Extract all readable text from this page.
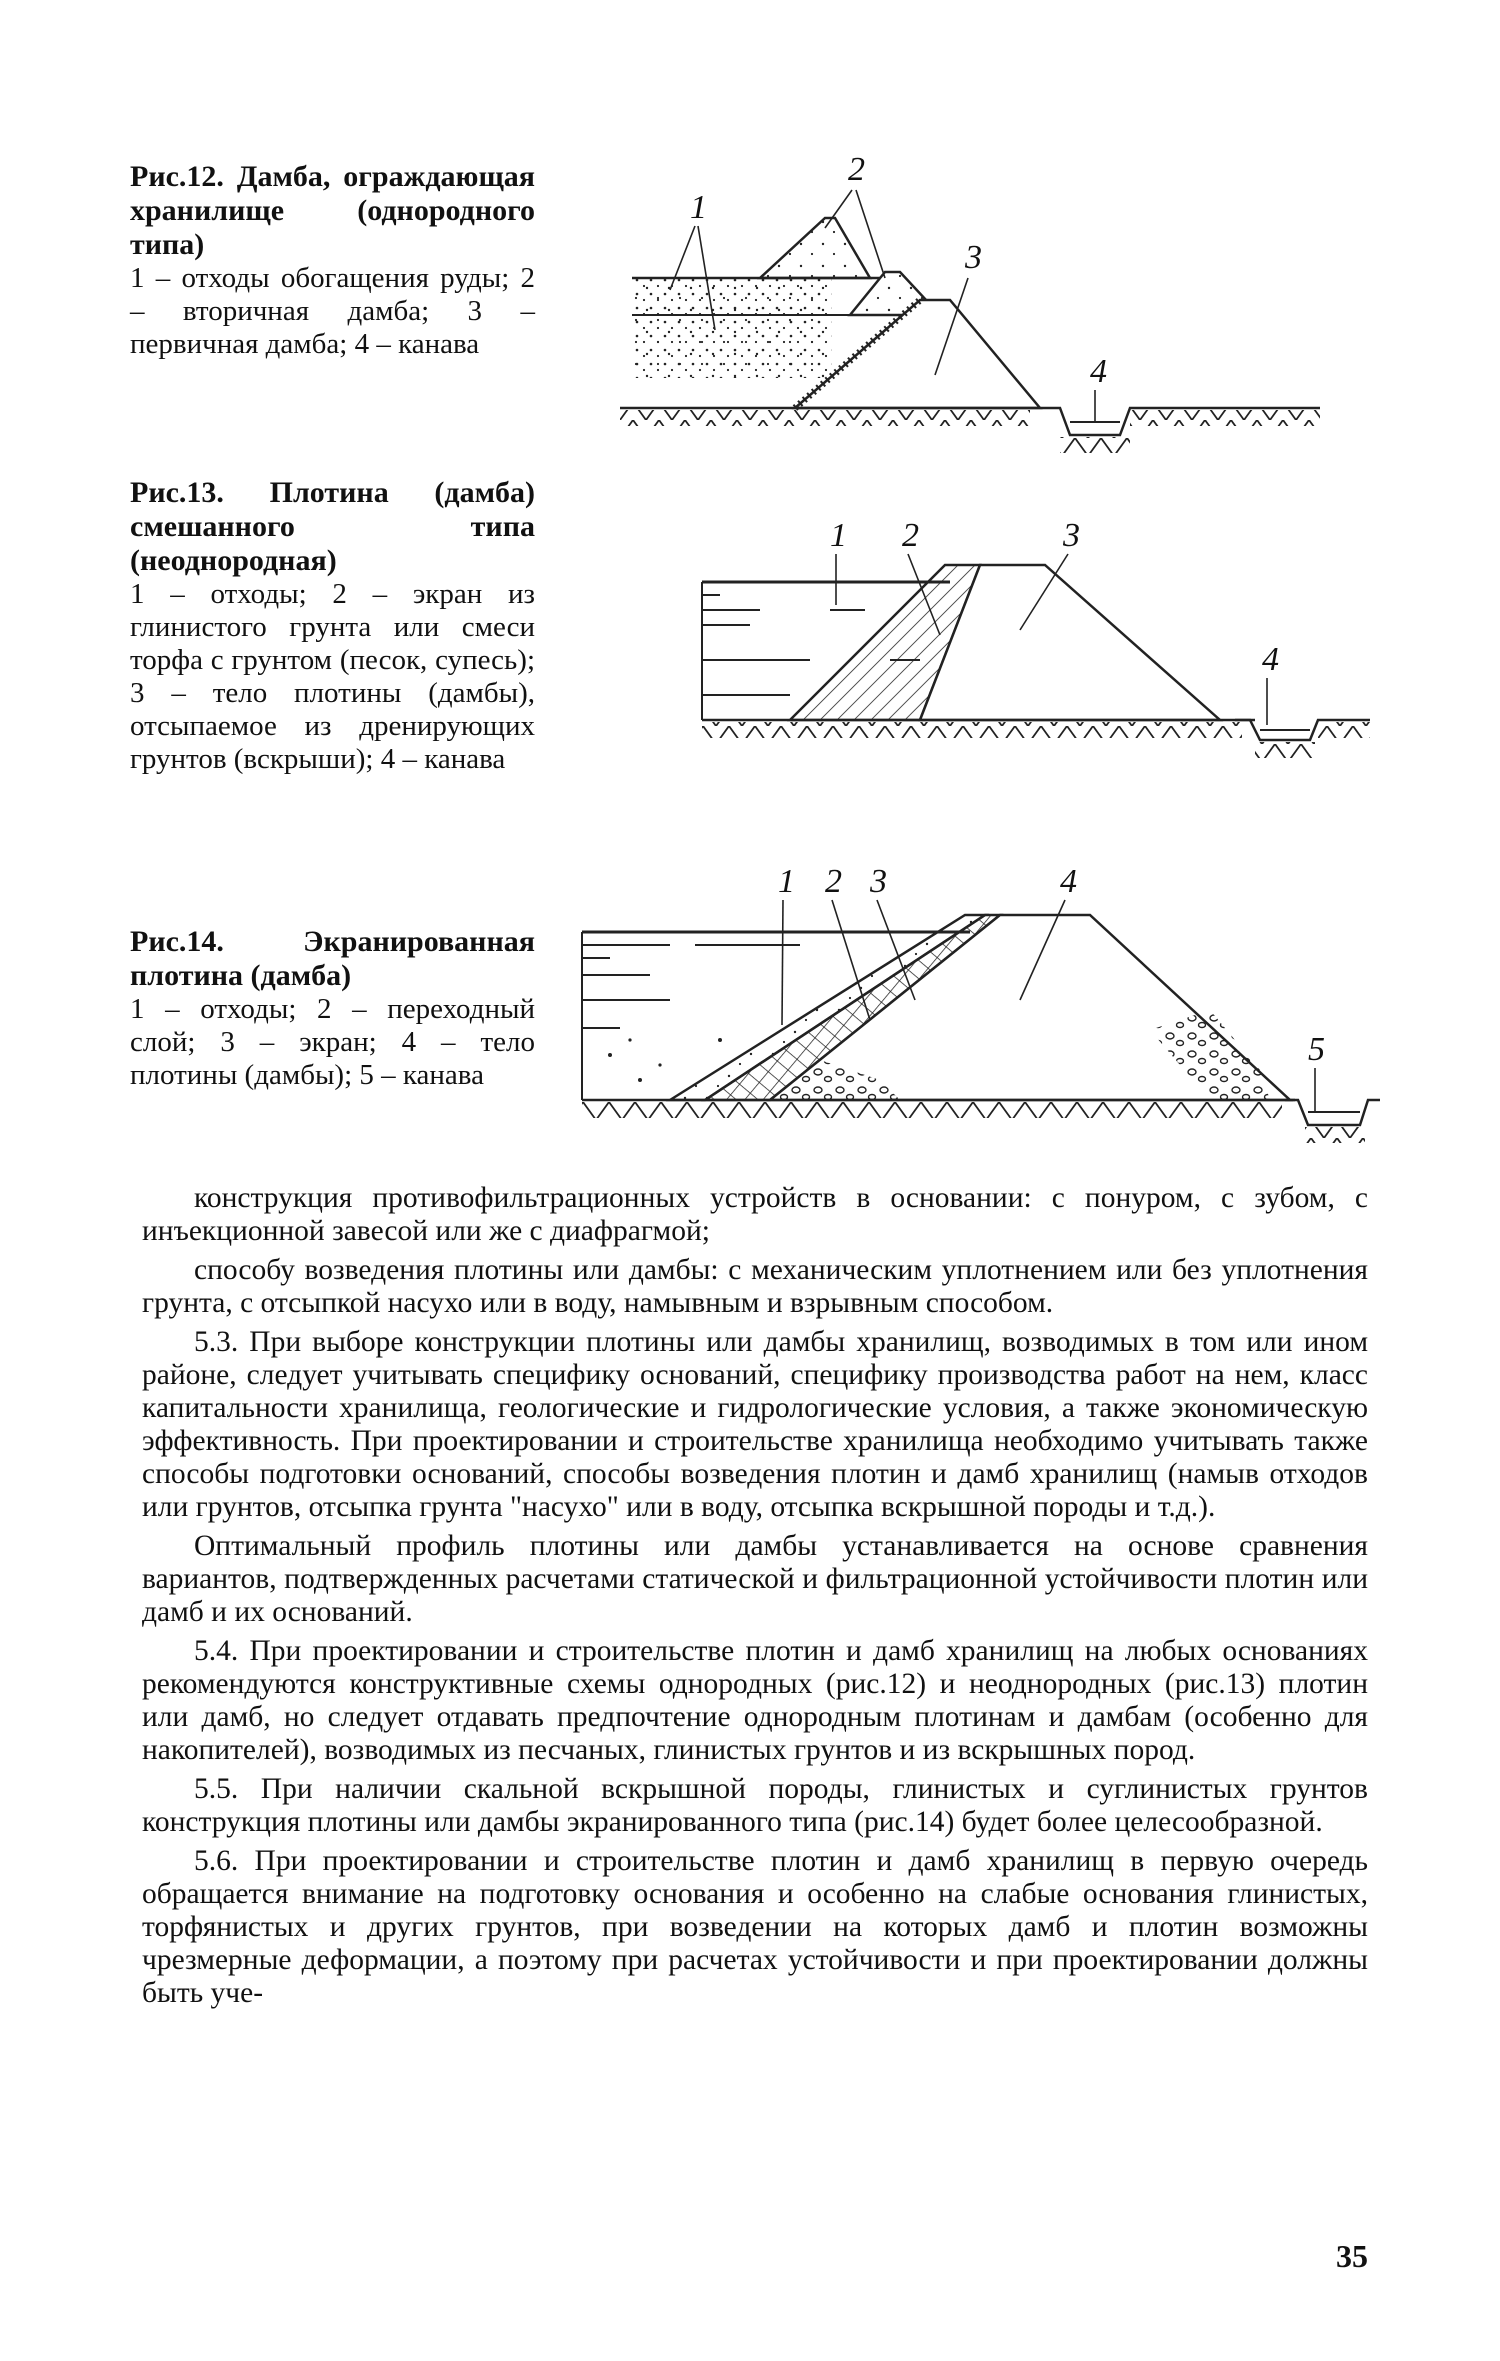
Рис.12. Дамба, ограждающая хранилище (однородного типа)
1 – отходы обогащения руды; 2 – вторичная дамба; 3 – первичная дамба; 4 – канава
1
2
3
4
Рис.13. Плотина (дамба) смешанного типа (неоднородная)
1 – отходы; 2 – экран из глинистого грунта или смеси торфа с грунтом (песок, супесь); 3 – тело плотины (дамбы), отсыпаемое из дренирующих грунтов (вскрыши); 4 – канава
1 2	3
4
Рис.14. Экранированная плотина (дамба)
1 – отходы; 2 – переходный слой; 3 – экран; 4 – тело плотины (дамбы); 5 – канава
1 2 3	4
5

конструкция противофильтрационных устройств в основании: с понуром, с зубом, с инъекционной завесой или же с диафрагмой;

способу возведения плотины или дамбы: с механическим уплотнением или без уплотнения грунта, с отсыпкой насухо или в воду, намывным и взрывным способом.

5.3. При выборе конструкции плотины или дамбы хранилищ, возводимых в том или ином районе, следует учитывать специфику оснований, специфику производства работ на нем, класс капитальности хранилища, геологические и гидрологические условия, а также экономическую эффективность. При проектировании и строительстве хранилища необходимо учитывать также способы подготовки оснований, способы возведения плотин и дамб хранилищ (намыв отходов или грунтов, отсыпка грунта "насухо" или в воду, отсыпка вскрышной породы и т.д.).

Оптимальный профиль плотины или дамбы устанавливается на основе сравнения вариантов, подтвержденных расчетами статической и фильтрационной устойчивости плотин или дамб и их оснований.

5.4. При проектировании и строительстве плотин и дамб хранилищ на любых основаниях рекомендуются конструктивные схемы однородных (рис.12) и неоднородных (рис.13) плотин или дамб, но следует отдавать предпочтение однородным плотинам и дамбам (особенно для накопителей), возводимых из песчаных, глинистых грунтов и из вскрышных пород.

5.5. При наличии скальной вскрышной породы, глинистых и суглинистых грунтов конструкция плотины или дамбы экранированного типа (рис.14) будет более целесообразной.

5.6. При проектировании и строительстве плотин и дамб хранилищ в первую очередь обращается внимание на подготовку основания и особенно на слабые основания глинистых, торфянистых и других грунтов, при возведении на которых дамб и плотин возможны чрезмерные деформации, а поэтому при расчетах устойчивости и при проектировании должны быть уче-

35
